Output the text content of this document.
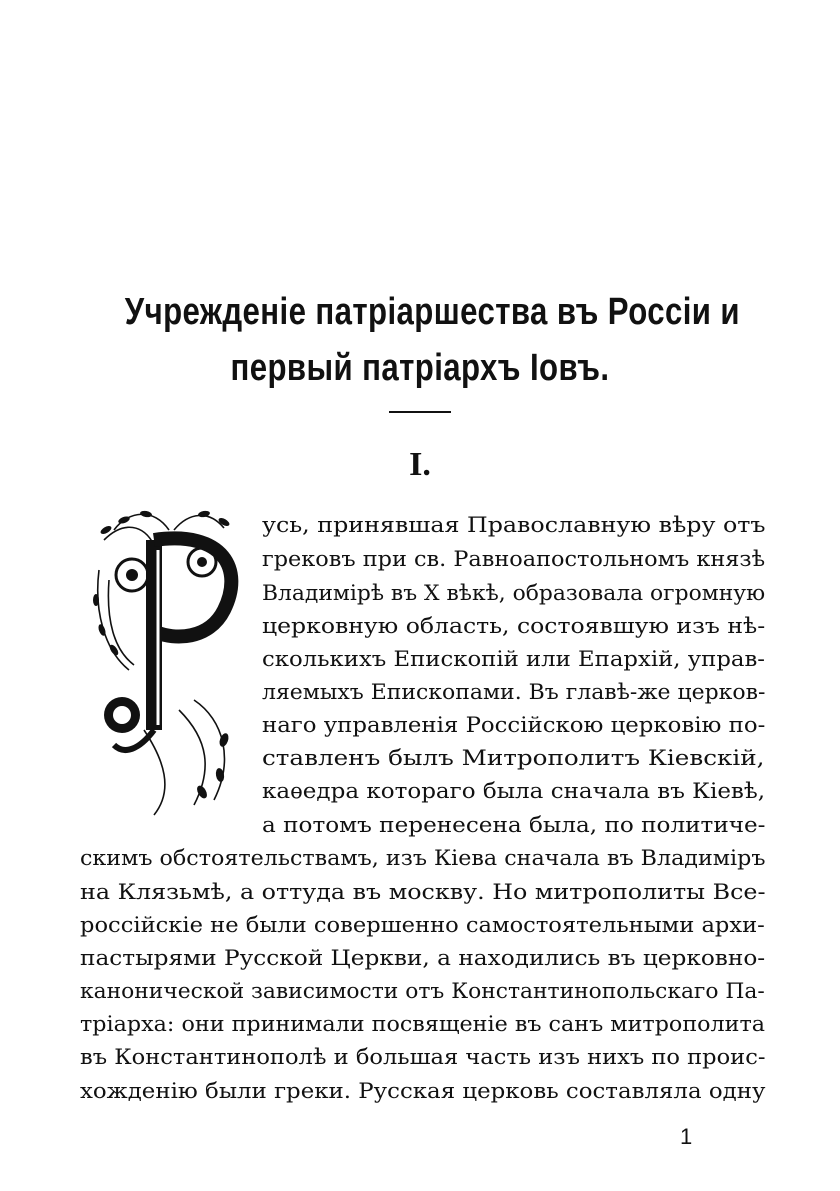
Учрежденіе патріаршества въ Россіи и
первый патріархъ Іовъ.
I.
усь, принявшая Православную вѣру отъ
грековъ при св. Равноапостольномъ князѣ
Владимірѣ въ X вѣкѣ, образовала огромную
церковную область, состоявшую изъ нѣ-
сколькихъ Епископій или Епархій, управ-
ляемыхъ Епископами. Въ главѣ-же церков-
наго управленія Россійскою церковію по-
ставленъ былъ Митрополитъ Кіевскій,
каѳедра котораго была сначала въ Кіевѣ,
а потомъ перенесена была, по политиче-
скимъ обстоятельствамъ, изъ Кіева сначала въ Владиміръ
на Клязьмѣ, а оттуда въ москву. Но митрополиты Все-
россійскіе не были совершенно самостоятельными архи-
пастырями Русской Церкви, а находились въ церковно-
канонической зависимости отъ Константинопольскаго Па-
тріарха: они принимали посвященіе въ санъ митрополита
въ Константинополѣ и большая часть изъ нихъ по проис-
хожденію были греки. Русская церковь составляла одну
1
